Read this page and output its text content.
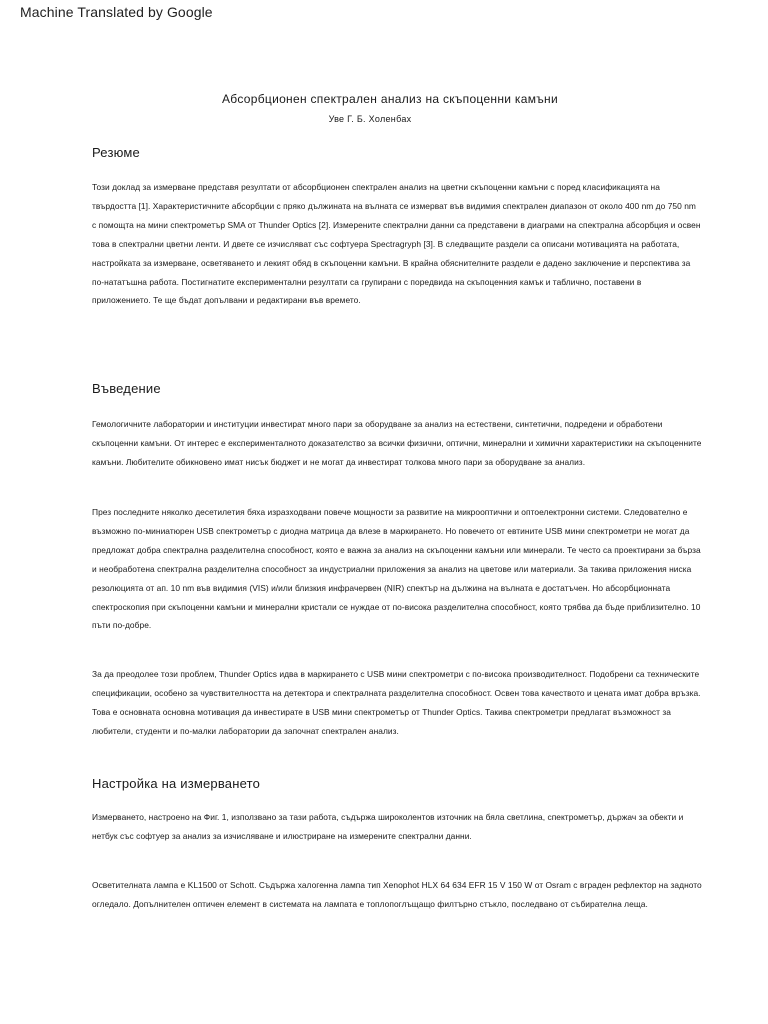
Machine Translated by Google
Абсорбционен спектрален анализ на скъпоценни камъни
Уве Г. Б. Холенбах
Резюме

Този доклад за измерване представя резултати от абсорбционен спектрален анализ на цветни скъпоценни камъни с поред класификацията на твърдостта [1]. Характеристичните абсорбции с пряко дължината на вълната се измерват във видимия спектрален диапазон от около 400 nm до 750 nm с помощта на мини спектрометър SMA от Thunder Optics [2]. Измерените спектрални данни са представени в диаграми на спектрална абсорбция и освен това в спектрални цветни ленти. И двете се изчисляват със софтуера Spectragryph [3]. В следващите раздели са описани мотивацията на работата, настройката за измерване, осветяването и лекият обяд в скъпоценни камъни. В крайна обяснителните раздели е дадено заключение и перспектива за по-нататъшна работа. Постигнатите експериментални резултати са групирани с поредвида на скъпоценния камък и таблично, поставени в приложението. Те ще бъдат допълвани и редактирани във времето.

Въведение

Гемологичните лаборатории и институции инвестират много пари за оборудване за анализ на естествени, синтетични, подредени и обработени скъпоценни камъни. От интерес е експерименталното доказателство за всички физични, оптични, минерални и химични характеристики на скъпоценните камъни. Любителите обикновено имат нисък бюджет и не могат да инвестират толкова много пари за оборудване за анализ.

През последните няколко десетилетия бяха изразходвани повече мощности за развитие на микрооптични и оптоелектронни системи. Следователно е възможно по-миниатюрен USB спектрометър с диодна матрица да влезе в маркирането. Но повечето от евтините USB мини спектрометри не могат да предложат добра спектрална разделителна способност, която е важна за анализ на скъпоценни камъни или минерали. Те често са проектирани за бърза и необработена спектрална разделителна способност за индустриални приложения за анализ на цветове или материали. За такива приложения ниска резолюцията от ап. 10 nm във видимия (VIS) и/или близкия инфрачервен (NIR) спектър на дължина на вълната е достатъчен. Но абсорбционната спектроскопия при скъпоценни камъни и минерални кристали се нуждае от по-висока разделителна способност, която трябва да бъде приблизително. 10 пъти по-добре.

За да преодолее този проблем, Thunder Optics идва в маркирането с USB мини спектрометри с по-висока производителност. Подобрени са техническите спецификации, особено за чувствителността на детектора и спектралната разделителна способност. Освен това качеството и цената имат добра връзка. Това е основната основна мотивация да инвестирате в USB мини спектрометър от Thunder Optics. Такива спектрометри предлагат възможност за любители, студенти и по-малки лаборатории да започнат спектрален анализ.

Настройка на измерването

Измерването, настроено на Фиг. 1, използвано за тази работа, съдържа широколентов източник на бяла светлина, спектрометър, държач за обекти и нетбук със софтуер за анализ за изчисляване и илюстриране на измерените спектрални данни.

Осветителната лампа е KL1500 от Schott. Съдържа халогенна лампа тип Xenophot HLX 64 634 EFR 15 V 150 W от Osram с вграден рефлектор на задното огледало. Допълнителен оптичен елемент в системата на лампата е топлопоглъщащо филтърно стъкло, последвано от събирателна леща.
